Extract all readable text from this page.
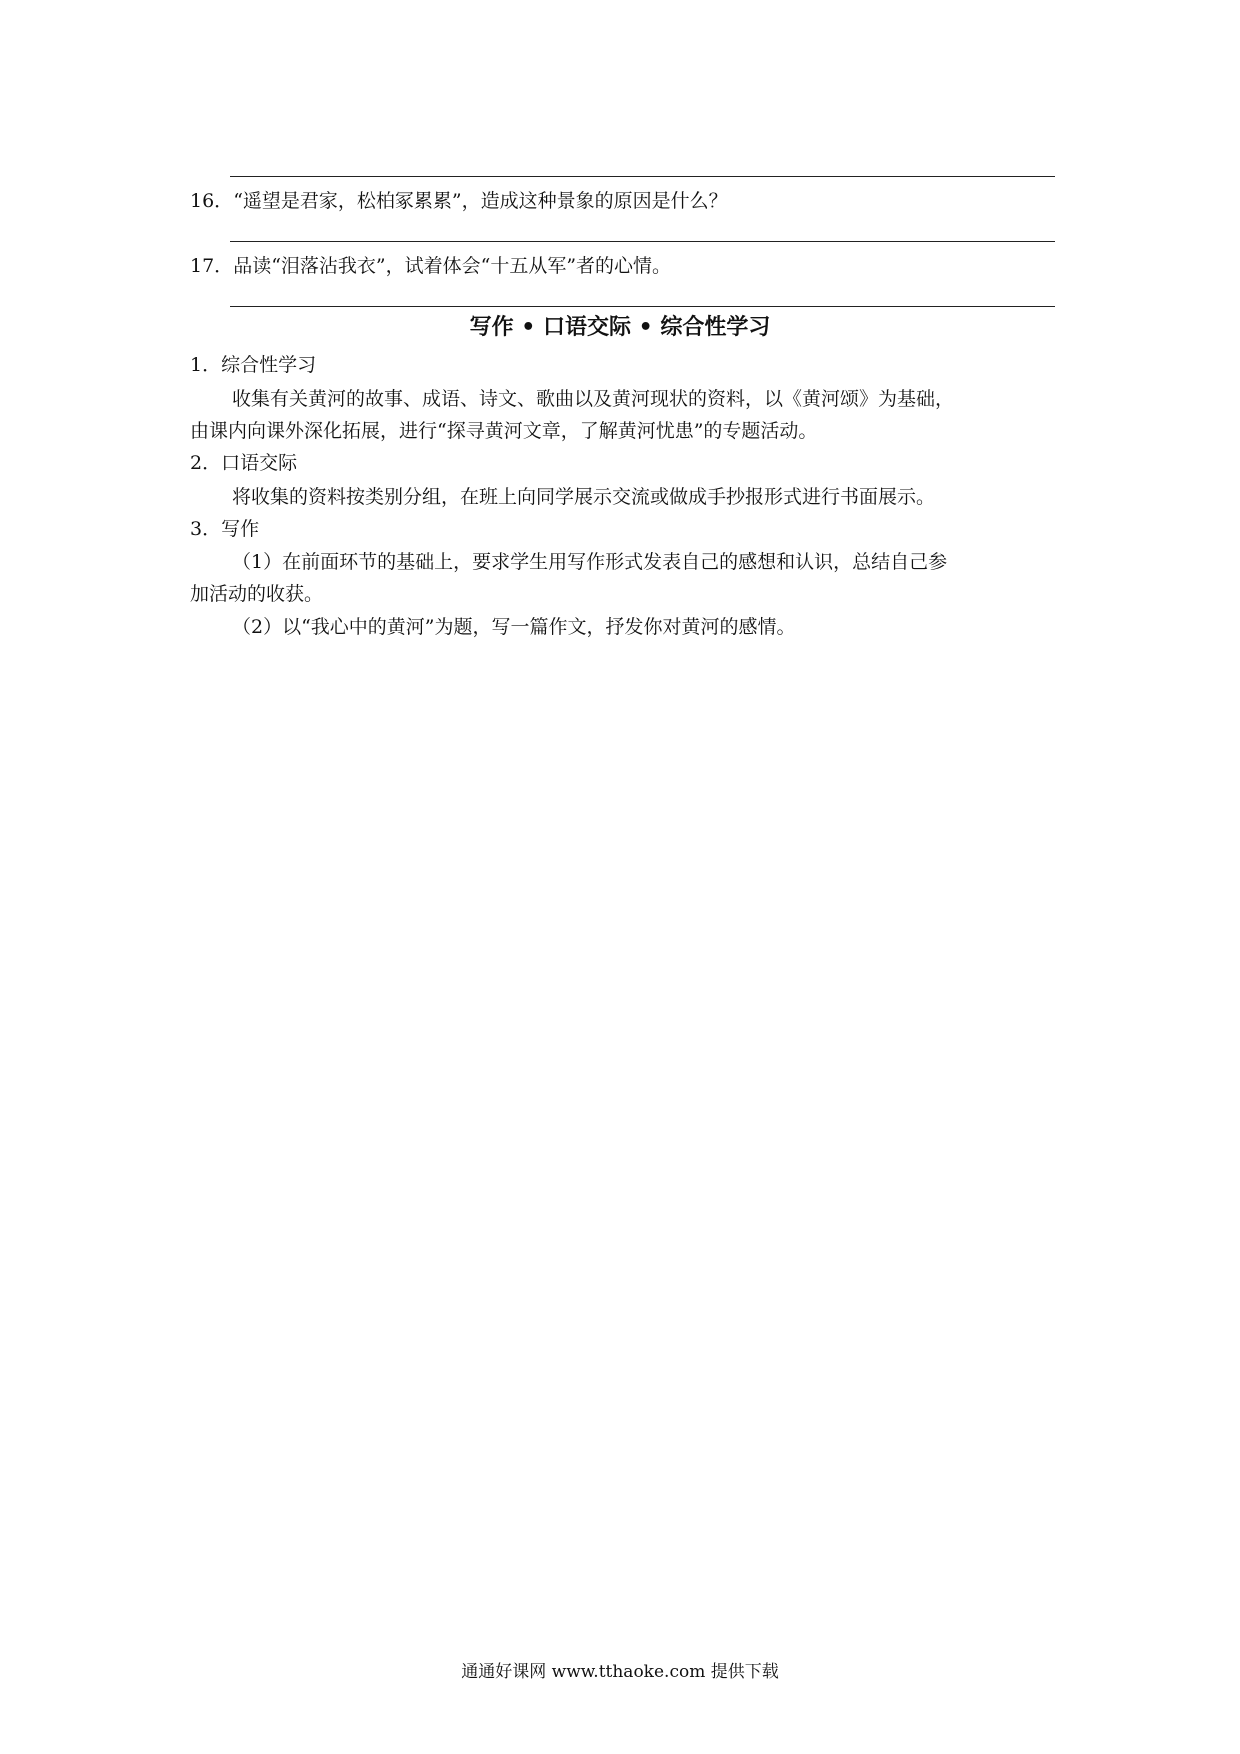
16．“遥望是君家，松柏冢累累”，造成这种景象的原因是什么？
17．品读“泪落沾我衣”，试着体会“十五从军”者的心情。
写作 • 口语交际 • 综合性学习
1．综合性学习
收集有关黄河的故事、成语、诗文、歌曲以及黄河现状的资料，以《黄河颂》为基础，
由课内向课外深化拓展，进行“探寻黄河文章，了解黄河忧患”的专题活动。
2．口语交际
将收集的资料按类别分组，在班上向同学展示交流或做成手抄报形式进行书面展示。
3．写作
（1）在前面环节的基础上，要求学生用写作形式发表自己的感想和认识，总结自己参
加活动的收获。
（2）以“我心中的黄河”为题，写一篇作文，抒发你对黄河的感情。
通通好课网 www.tthaoke.com 提供下载
